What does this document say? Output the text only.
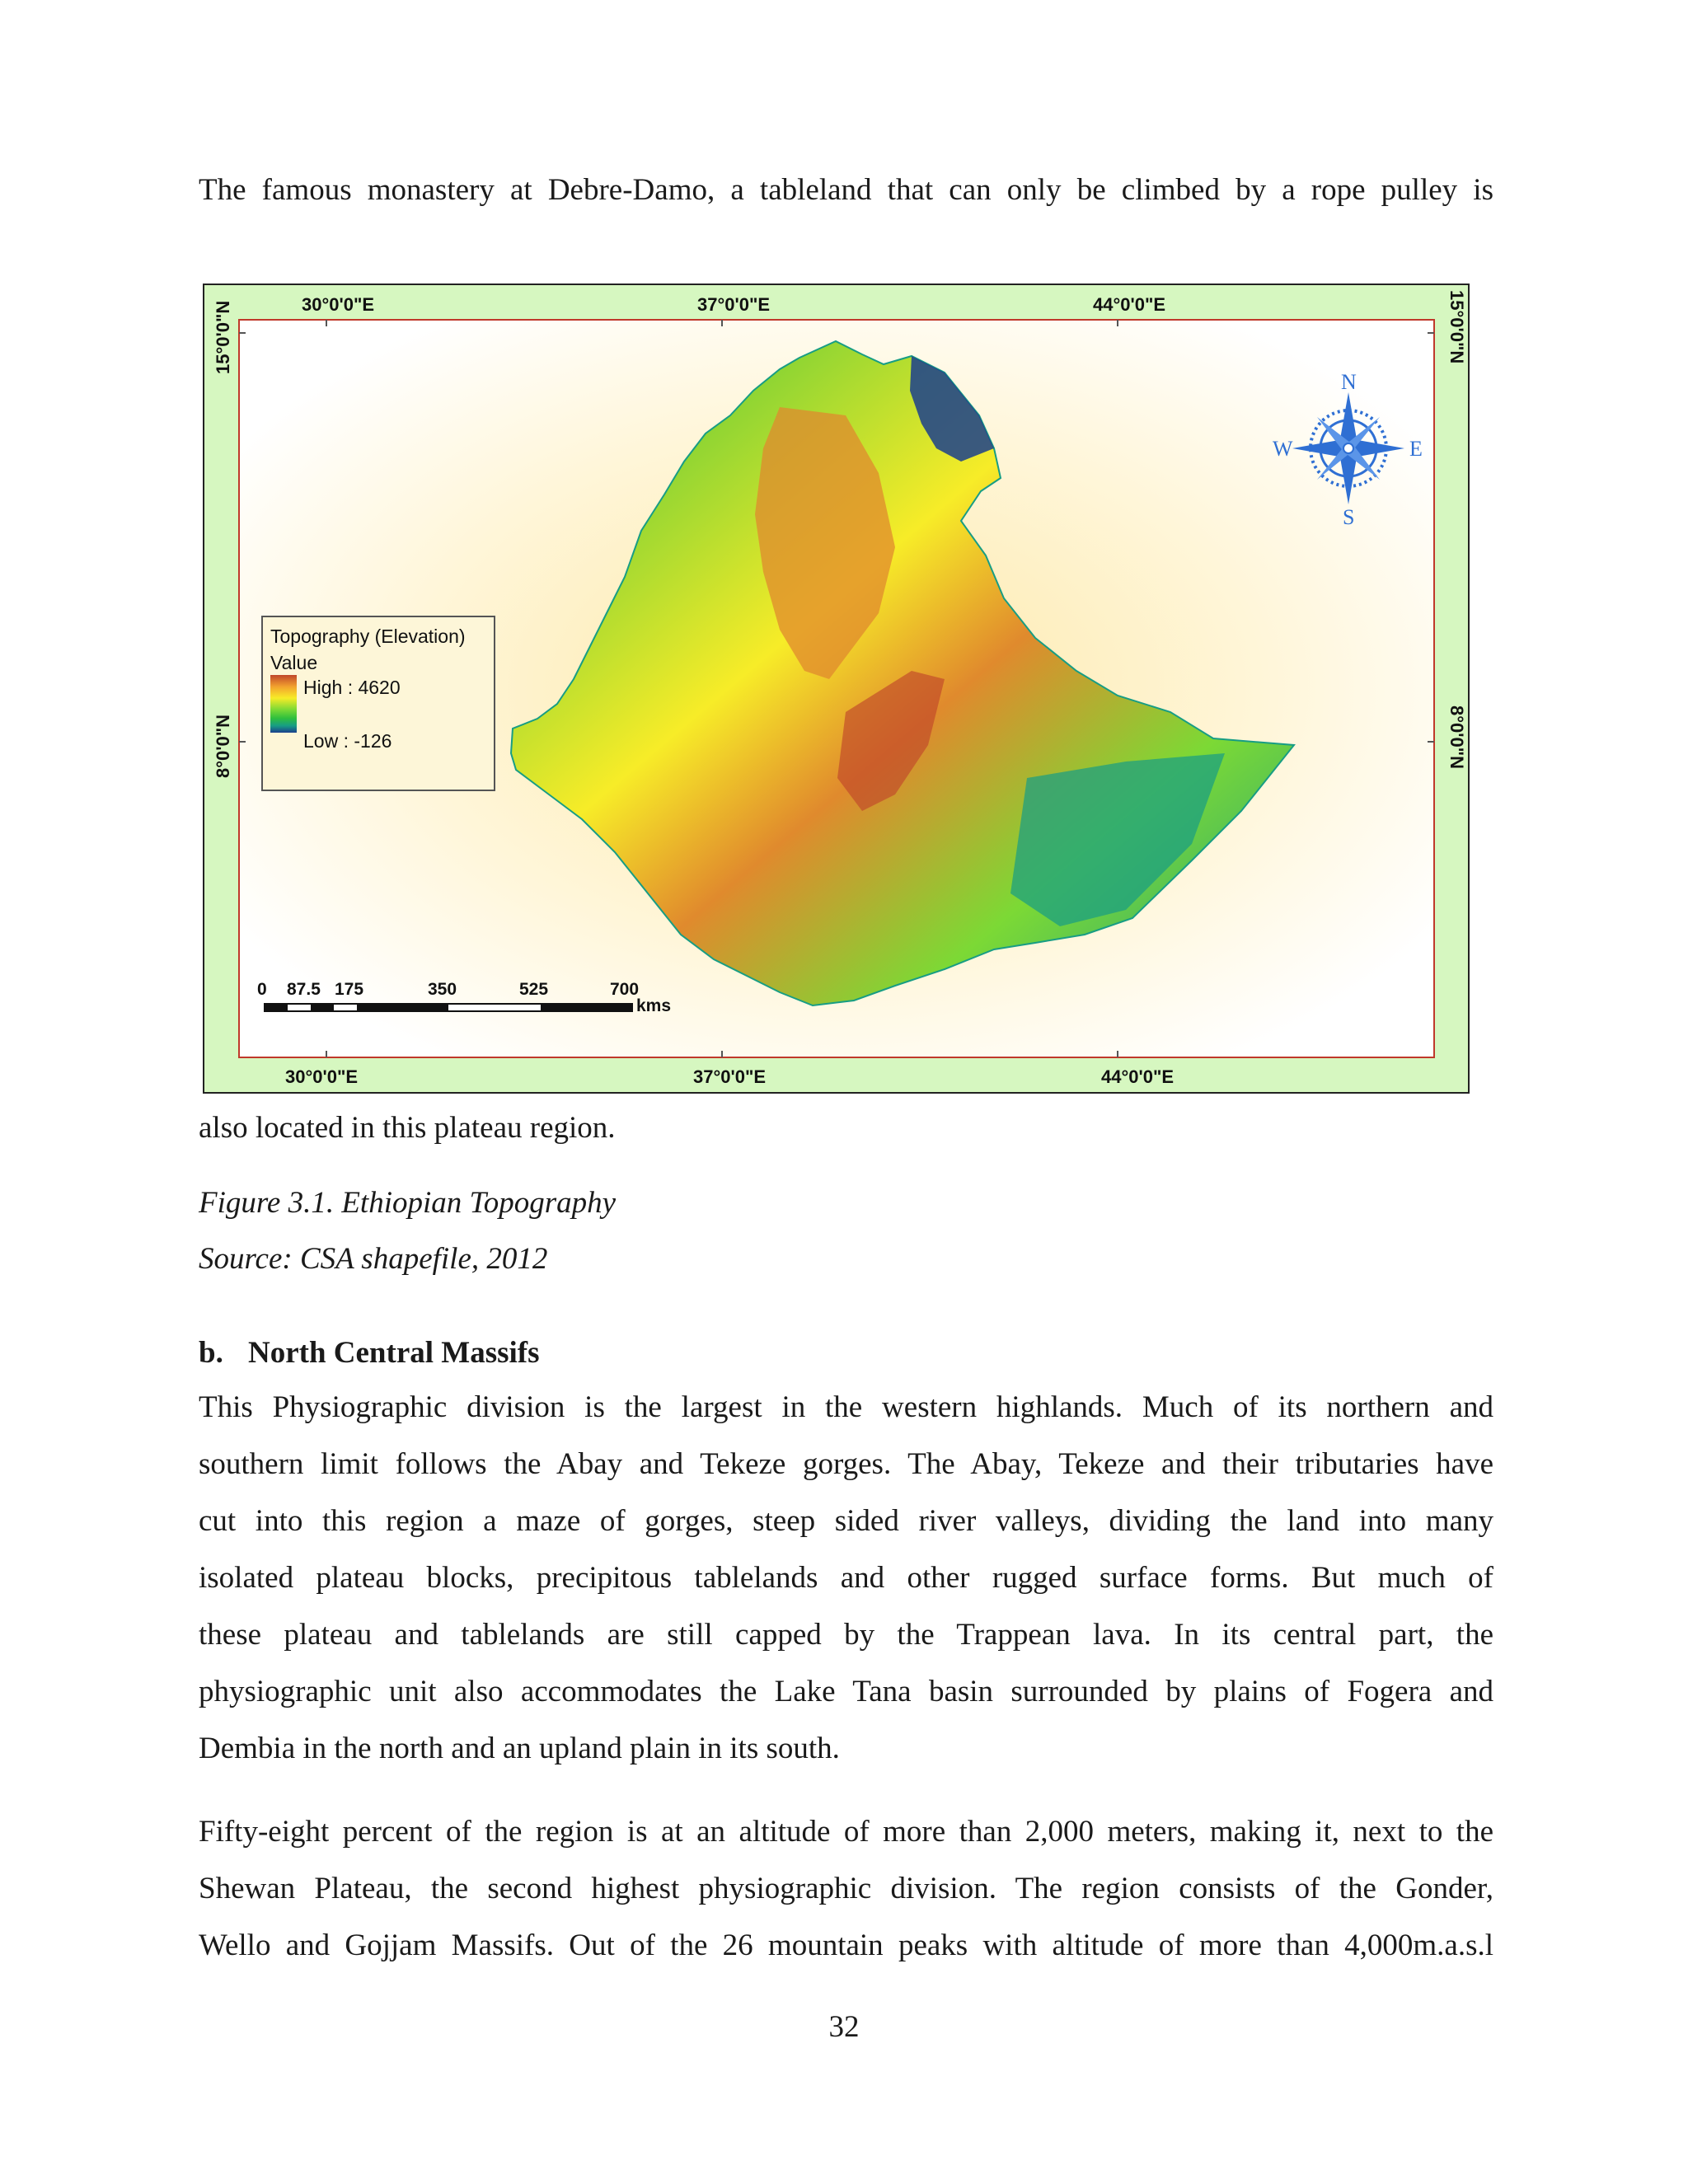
The famous monastery at Debre-Damo, a tableland that can only be climbed by a rope pulley is

30°0'0"E	37°0'0"E	44°0'0"E
30°0'0"E	37°0'0"E	44°0'0"E
15°0'0"N
8°0'0"N
15°0'0"N
8°0'0"N
Topography (Elevation)
Value
High : 4620
Low : -126
N
S
W	E
0 87.5 175	350	525	700
kms

also located in this plateau region.

Figure 3.1. Ethiopian Topography

Source: CSA shapefile, 2012

b. North Central Massifs

This Physiographic division is the largest in the western highlands. Much of its northern and
southern limit follows the Abay and Tekeze gorges. The Abay, Tekeze and their tributaries have
cut into this region a maze of gorges, steep sided river valleys, dividing the land into many
isolated plateau blocks, precipitous tablelands and other rugged surface forms. But much of
these plateau and tablelands are still capped by the Trappean lava. In its central part, the
physiographic unit also accommodates the Lake Tana basin surrounded by plains of Fogera and
Dembia in the north and an upland plain in its south.
Fifty-eight percent of the region is at an altitude of more than 2,000 meters, making it, next to the
Shewan Plateau, the second highest physiographic division. The region consists of the Gonder,
Wello and Gojjam Massifs. Out of the 26 mountain peaks with altitude of more than 4,000m.a.s.l
32
